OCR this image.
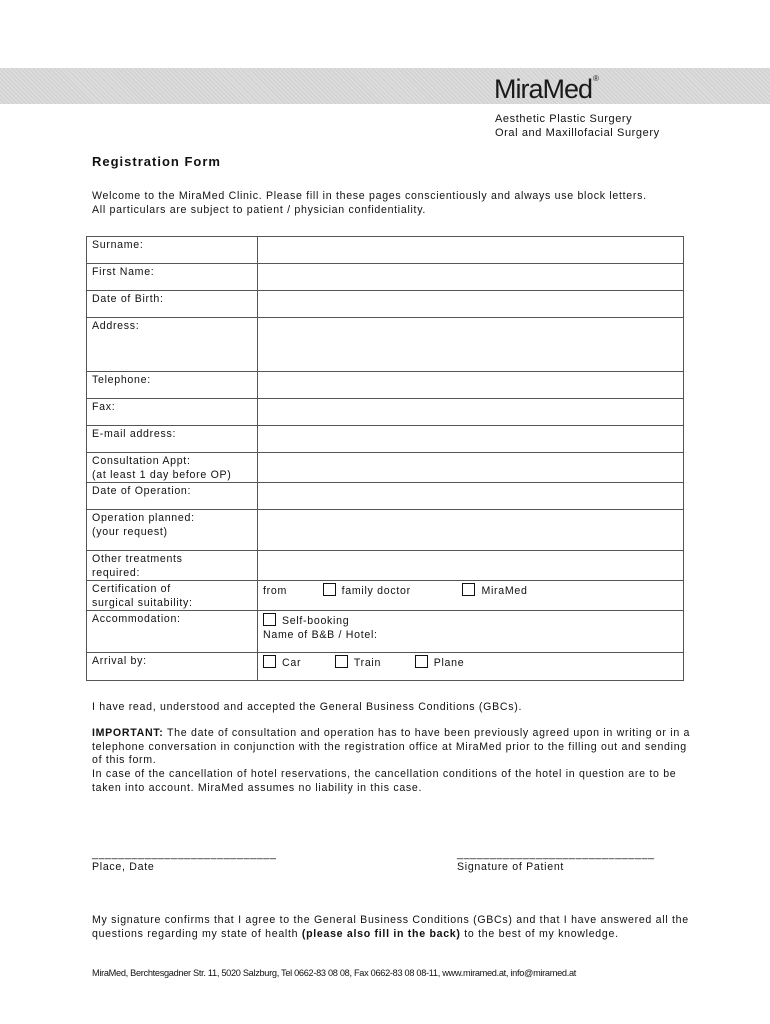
MiraMed®
Aesthetic Plastic Surgery
Oral and Maxillofacial Surgery
Registration Form
Welcome to the MiraMed Clinic. Please fill in these pages conscientiously and always use block letters.
All particulars are subject to patient / physician confidentiality.
Surname:	
First Name:	
Date of Birth:	
Address:	
Telephone:	
Fax:	
E-mail address:	
Consultation Appt:
(at least 1 day before OP)	
Date of Operation:	
Operation planned:
(your request)	
Other treatments
required:	
Certification of
surgical suitability:	from family doctor MiraMed
Accommodation:	Self-booking
Name of B&B / Hotel:
Arrival by:	Car Train Plane
I have read, understood and accepted the General Business Conditions (GBCs).
IMPORTANT: The date of consultation and operation has to have been previously agreed upon in writing or in a telephone conversation in conjunction with the registration office at MiraMed prior to the filling out and sending of this form.
In case of the cancellation of hotel reservations, the cancellation conditions of the hotel in question are to be taken into account. MiraMed assumes no liability in this case.
____________________________
Place, Date
______________________________
Signature of Patient
My signature confirms that I agree to the General Business Conditions (GBCs) and that I have answered all the questions regarding my state of health (please also fill in the back) to the best of my knowledge.
MiraMed, Berchtesgadner Str. 11, 5020 Salzburg, Tel 0662-83 08 08, Fax 0662-83 08 08-11, www.miramed.at, info@miramed.at
